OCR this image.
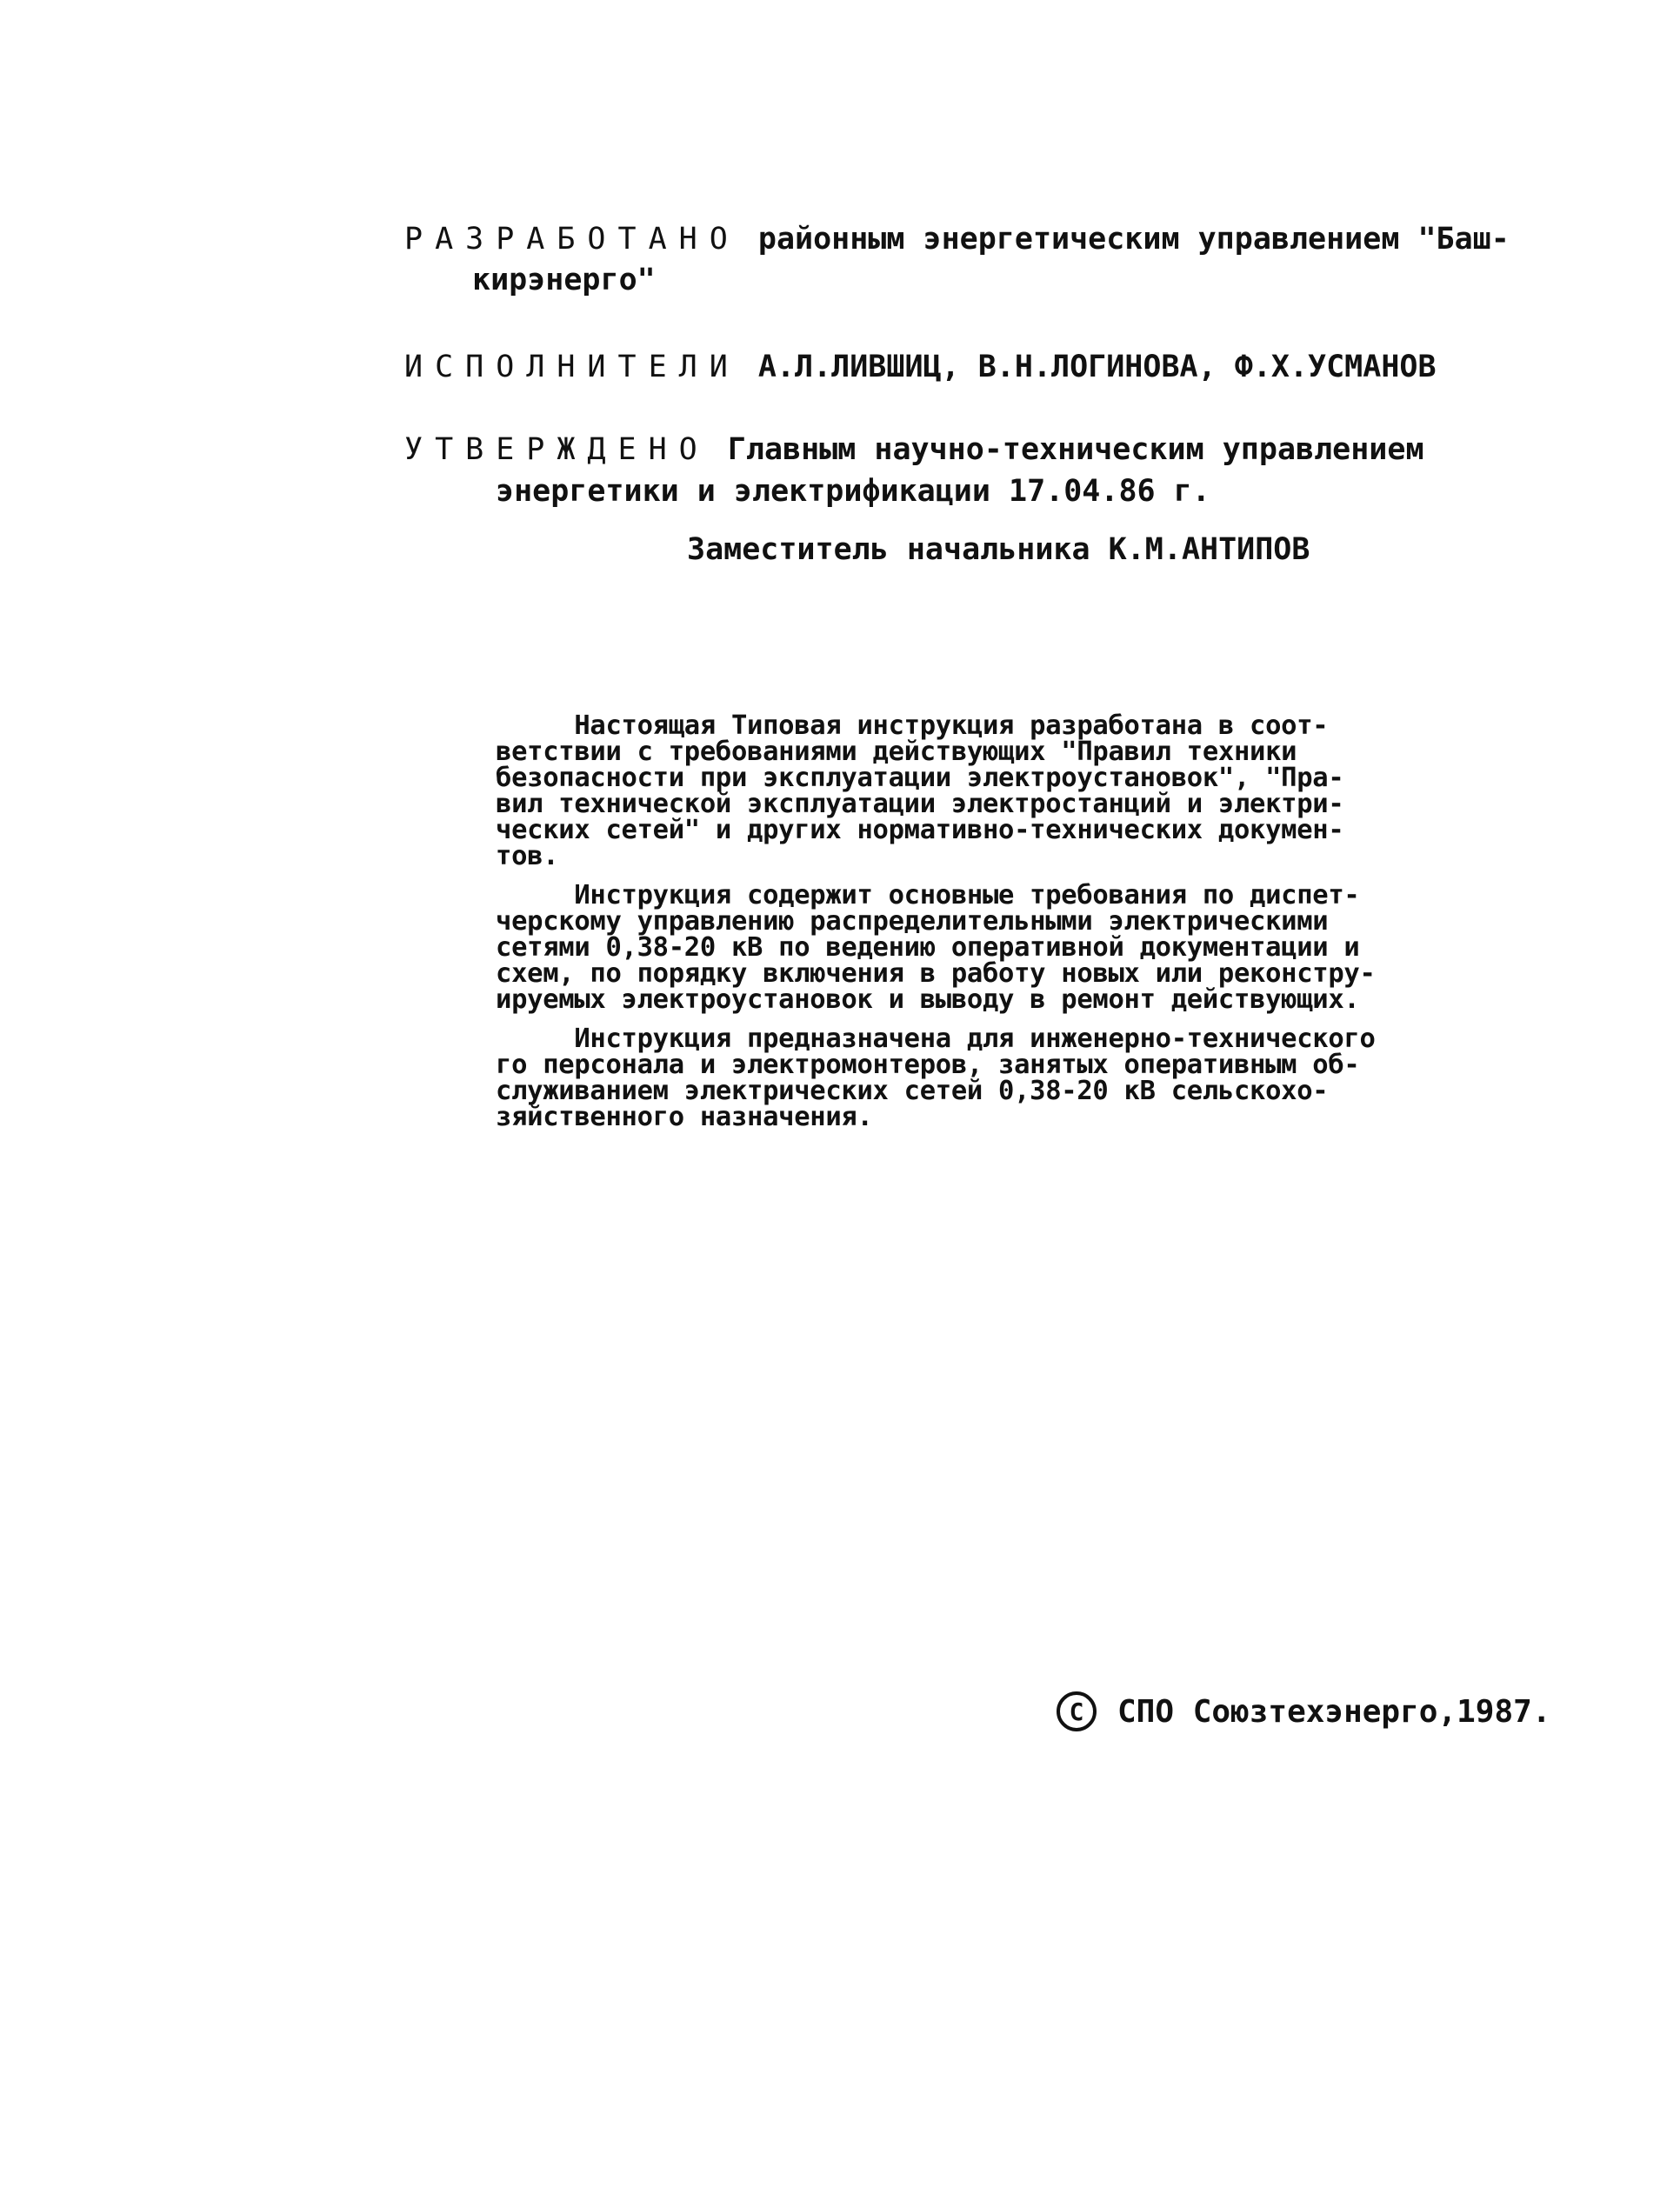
РАЗРАБОТАНО районным энергетическим управлением "Баш-
кирэнерго"
ИСПОЛНИТЕЛИ А.Л.ЛИВШИЦ, В.Н.ЛОГИНОВА, Ф.Х.УСМАНОВ
УТВЕРЖДЕНО Главным научно-техническим управлением
энергетики и электрификации 17.04.86 г.
Заместитель начальника К.М.АНТИПОВ
Настоящая Типовая инструкция разработана в соот-
ветствии с требованиями действующих "Правил техники
безопасности при эксплуатации электроустановок", "Пра-
вил технической эксплуатации электростанций и электри-
ческих сетей" и других нормативно-технических докумен-
тов.
Инструкция содержит основные требования по диспет-
черскому управлению распределительными электрическими
сетями 0,38-20 кВ по ведению оперативной документации и
схем, по порядку включения в работу новых или реконстру-
ируемых электроустановок и выводу в ремонт действующих.
Инструкция предназначена для инженерно-технического
го персонала и электромонтеров, занятых оперативным об-
служиванием электрических сетей 0,38-20 кВ сельскохо-
зяйственного назначения.
C	СПО Союзтехэнерго,1987.
